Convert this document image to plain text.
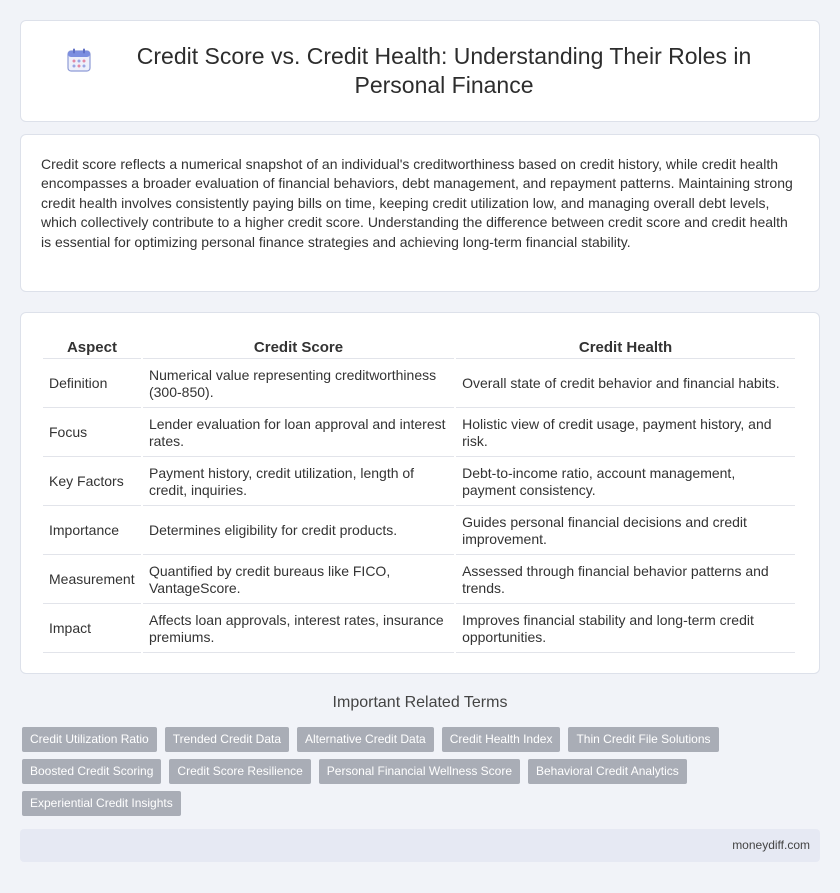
Credit Score vs. Credit Health: Understanding Their Roles in Personal Finance

Credit score reflects a numerical snapshot of an individual's creditworthiness based on credit history, while credit health encompasses a broader evaluation of financial behaviors, debt management, and repayment patterns. Maintaining strong credit health involves consistently paying bills on time, keeping credit utilization low, and managing overall debt levels, which collectively contribute to a higher credit score. Understanding the difference between credit score and credit health is essential for optimizing personal finance strategies and achieving long-term financial stability.

Aspect	Credit Score	Credit Health
Definition	Numerical value representing creditworthiness (300-850).	Overall state of credit behavior and financial habits.
Focus	Lender evaluation for loan approval and interest rates.	Holistic view of credit usage, payment history, and risk.
Key Factors	Payment history, credit utilization, length of credit, inquiries.	Debt-to-income ratio, account management, payment consistency.
Importance	Determines eligibility for credit products.	Guides personal financial decisions and credit improvement.
Measurement	Quantified by credit bureaus like FICO, VantageScore.	Assessed through financial behavior patterns and trends.
Impact	Affects loan approvals, interest rates, insurance premiums.	Improves financial stability and long-term credit opportunities.
Important Related Terms
Credit Utilization Ratio	Trended Credit Data	Alternative Credit Data	Credit Health Index	Thin Credit File Solutions
Boosted Credit Scoring	Credit Score Resilience	Personal Financial Wellness Score	Behavioral Credit Analytics
Experiential Credit Insights
moneydiff.com
